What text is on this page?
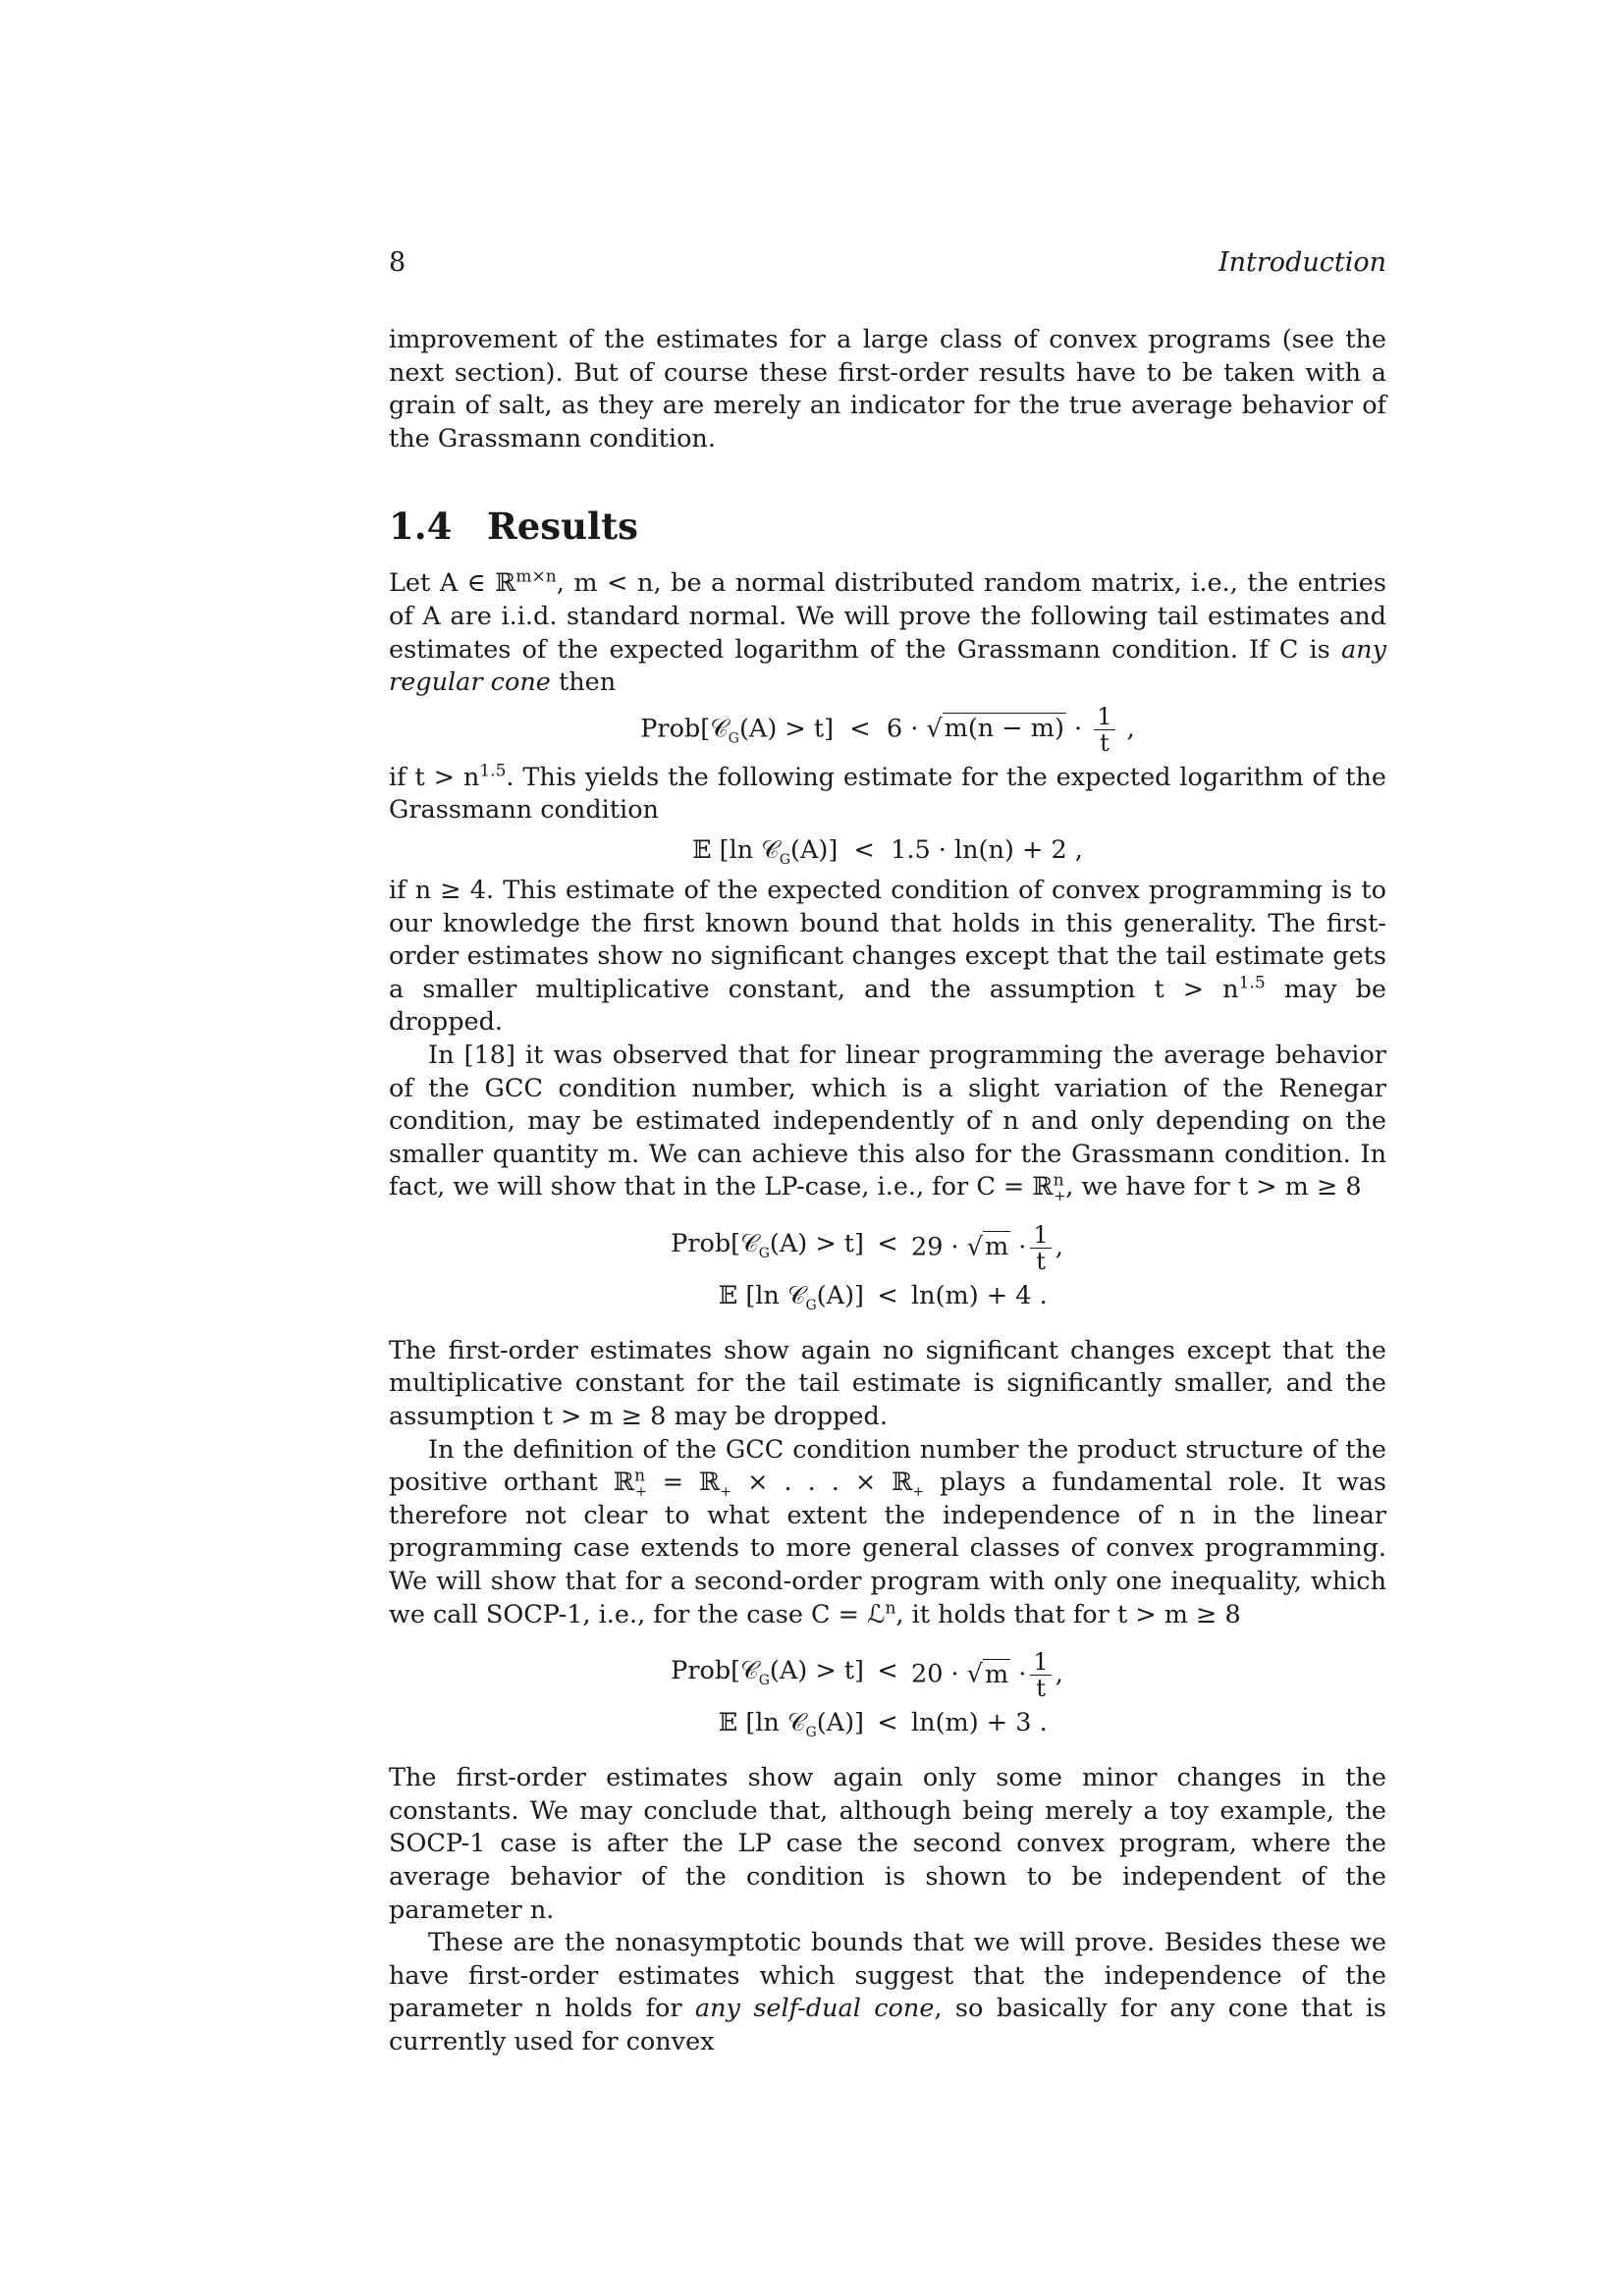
8	Introduction

improvement of the estimates for a large class of convex programs (see the next section). But of course these first-order results have to be taken with a grain of salt, as they are merely an indicator for the true average behavior of the Grassmann condition.

1.4 Results

Let A ∈ ℝ$^{m\times n}$, m < n, be a normal distributed random matrix, i.e., the entries of A are i.i.d. standard normal. We will prove the following tail estimates and estimates of the expected logarithm of the Grassmann condition. If C is any regular cone then

Prob[𝒞$_G$(A) > $t] < 6 \cdot √m(n - m) \cdot \frac{1}{t}$ ,

if $t > n^{1.5}$. This yields the following estimate for the expected logarithm of the Grassmann condition

𝔼 [ln 𝒞$_G$(A)] < 1.5 · ln(n) + 2 ,

if n ≥ 4. This estimate of the expected condition of convex programming is to our knowledge the first known bound that holds in this generality. The first-order estimates show no significant changes except that the tail estimate gets a smaller multiplicative constant, and the assumption $t > n^{1.5}$ may be dropped.

In [18] it was observed that for linear programming the average behavior of the GCC condition number, which is a slight variation of the Renegar condition, may be estimated independently of n and only depending on the smaller quantity m. We can achieve this also for the Grassmann condition. In fact, we will show that in the LP-case, i.e., for C = ℝ$^n_+$, we have for t > m ≥ 8

Prob[𝒞$_G$(A) > $t] < 29 \cdot √m \cdot \frac{1}{t}$ ,
𝔼 [ln 𝒞$_G$(A)] < ln(m) + 4 .

The first-order estimates show again no significant changes except that the multiplicative constant for the tail estimate is significantly smaller, and the assumption t > m ≥ 8 may be dropped.

In the definition of the GCC condition number the product structure of the positive orthant ℝ$^n_+$ = ℝ$_+$ × . . . × ℝ$_+$ plays a fundamental role. It was therefore not clear to what extent the independence of n in the linear programming case extends to more general classes of convex programming. We will show that for a second-order program with only one inequality, which we call SOCP-1, i.e., for the case C = ℒ$^n$, it holds that for t > m ≥ 8

Prob[𝒞$_G$(A) > $t] < 20 \cdot √m \cdot \frac{1}{t}$ ,
𝔼 [ln 𝒞$_G$(A)] < ln(m) + 3 .

The first-order estimates show again only some minor changes in the constants. We may conclude that, although being merely a toy example, the SOCP-1 case is after the LP case the second convex program, where the average behavior of the condition is shown to be independent of the parameter n.

These are the nonasymptotic bounds that we will prove. Besides these we have first-order estimates which suggest that the independence of the parameter n holds for any self-dual cone, so basically for any cone that is currently used for convex
